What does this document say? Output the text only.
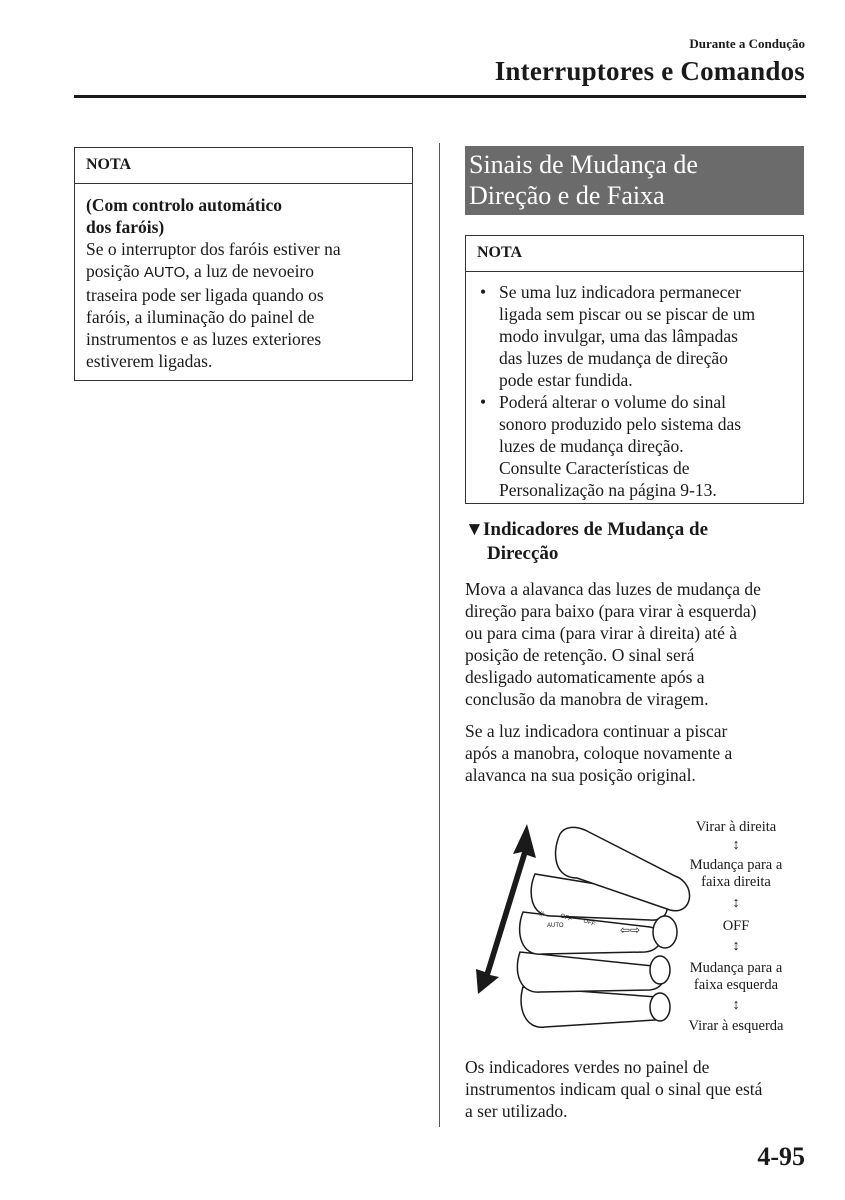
Durante a Condução
Interruptores e Comandos
NOTA
(Com controlo automático
dos faróis)
Se o interruptor dos faróis estiver na
posição AUTO, a luz de nevoeiro
traseira pode ser ligada quando os
faróis, a iluminação do painel de
instrumentos e as luzes exteriores
estiverem ligadas.
Sinais de Mudança de
Direção e de Faixa
NOTA
• Se uma luz indicadora permanecer
ligada sem piscar ou se piscar de um
modo invulgar, uma das lâmpadas
das luzes de mudança de direção
pode estar fundida.
• Poderá alterar o volume do sinal
sonoro produzido pelo sistema das
luzes de mudança direção.
Consulte Características de
Personalização na página 9-13.
▼Indicadores de Mudança de
Direcção
Mova a alavanca das luzes de mudança de
direção para baixo (para virar à esquerda)
ou para cima (para virar à direita) até à
posição de retenção. O sinal será
desligado automaticamente após a
conclusão da manobra de viragem.
Se a luz indicadora continuar a piscar
após a manobra, coloque novamente a
alavanca na sua posição original.
OFF
OFF
AUTO	⇦⇨
☼
Virar à direita
↕
Mudança para a
faixa direita
↕
OFF
↕
Mudança para a
faixa esquerda
↕
Virar à esquerda
Os indicadores verdes no painel de
instrumentos indicam qual o sinal que está
a ser utilizado.
4-95
